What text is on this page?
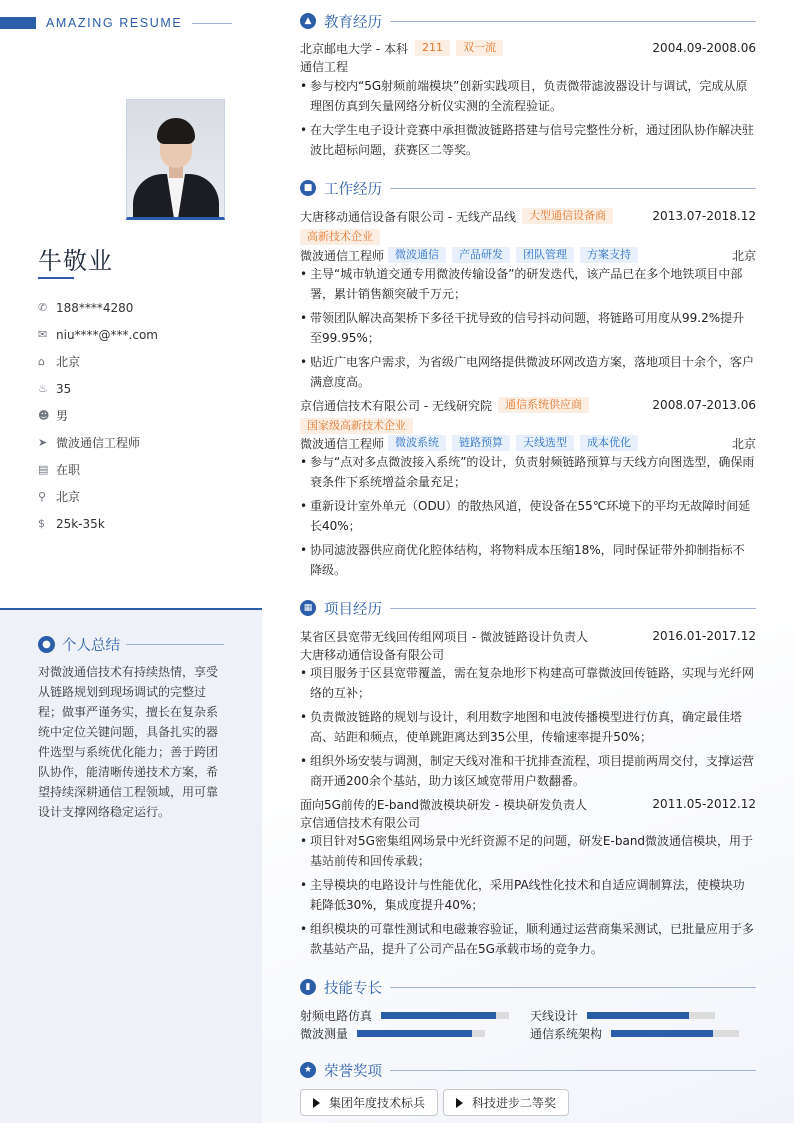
AMAZING RESUME
牛敬业
✆ 188****4280
✉ niu****@***.com
⌂ 北京
♨ 35
☻ 男
➤ 微波通信工程师
▤ 在职
⚲ 北京
$ 25k-35k
● 个人总结
对微波通信技术有持续热情，享受从链路规划到现场调试的完整过程；做事严谨务实，擅长在复杂系统中定位关键问题，具备扎实的器件选型与系统优化能力；善于跨团队协作，能清晰传递技术方案，希望持续深耕通信工程领域，用可靠设计支撑网络稳定运行。
▲ 教育经历
北京邮电大学 - 本科	211	双一流	2004.09-2008.06
通信工程
• 参与校内“5G射频前端模块”创新实践项目，负责微带滤波器设计与调试，完成从原理图仿真到矢量网络分析仪实测的全流程验证。
• 在大学生电子设计竞赛中承担微波链路搭建与信号完整性分析，通过团队协作解决驻波比超标问题，获赛区二等奖。
■ 工作经历
大唐移动通信设备有限公司 - 无线产品线	大型通信设备商	2013.07-2018.12
高新技术企业
微波通信工程师	微波通信	产品研发	团队管理	方案支持	北京
• 主导“城市轨道交通专用微波传输设备”的研发迭代，该产品已在多个地铁项目中部署，累计销售额突破千万元；
• 带领团队解决高架桥下多径干扰导致的信号抖动问题，将链路可用度从99.2%提升至99.95%；
• 贴近广电客户需求，为省级广电网络提供微波环网改造方案，落地项目十余个，客户满意度高。
京信通信技术有限公司 - 无线研究院	通信系统供应商	2008.07-2013.06
国家级高新技术企业
微波通信工程师	微波系统	链路预算	天线选型	成本优化	北京
• 参与“点对多点微波接入系统”的设计，负责射频链路预算与天线方向图选型，确保雨衰条件下系统增益余量充足；
• 重新设计室外单元（ODU）的散热风道，使设备在55℃环境下的平均无故障时间延长40%；
• 协同滤波器供应商优化腔体结构，将物料成本压缩18%，同时保证带外抑制指标不降级。
▦ 项目经历
某省区县宽带无线回传组网项目 - 微波链路设计负责人	2016.01-2017.12
大唐移动通信设备有限公司
• 项目服务于区县宽带覆盖，需在复杂地形下构建高可靠微波回传链路，实现与光纤网络的互补；
• 负责微波链路的规划与设计，利用数字地图和电波传播模型进行仿真，确定最佳塔高、站距和频点，使单跳距离达到35公里，传输速率提升50%；
• 组织外场安装与调测，制定天线对准和干扰排查流程，项目提前两周交付，支撑运营商开通200余个基站，助力该区域宽带用户数翻番。
面向5G前传的E-band微波模块研发 - 模块研发负责人	2011.05-2012.12
京信通信技术有限公司
• 项目针对5G密集组网场景中光纤资源不足的问题，研发E-band微波通信模块，用于基站前传和回传承载；
• 主导模块的电路设计与性能优化，采用PA线性化技术和自适应调制算法，使模块功耗降低30%，集成度提升40%；
• 组织模块的可靠性测试和电磁兼容验证，顺利通过运营商集采测试，已批量应用于多款基站产品，提升了公司产品在5G承载市场的竞争力。
▮ 技能专长
射频电路仿真	天线设计
微波测量	通信系统架构
★ 荣誉奖项
集团年度技术标兵	科技进步二等奖
